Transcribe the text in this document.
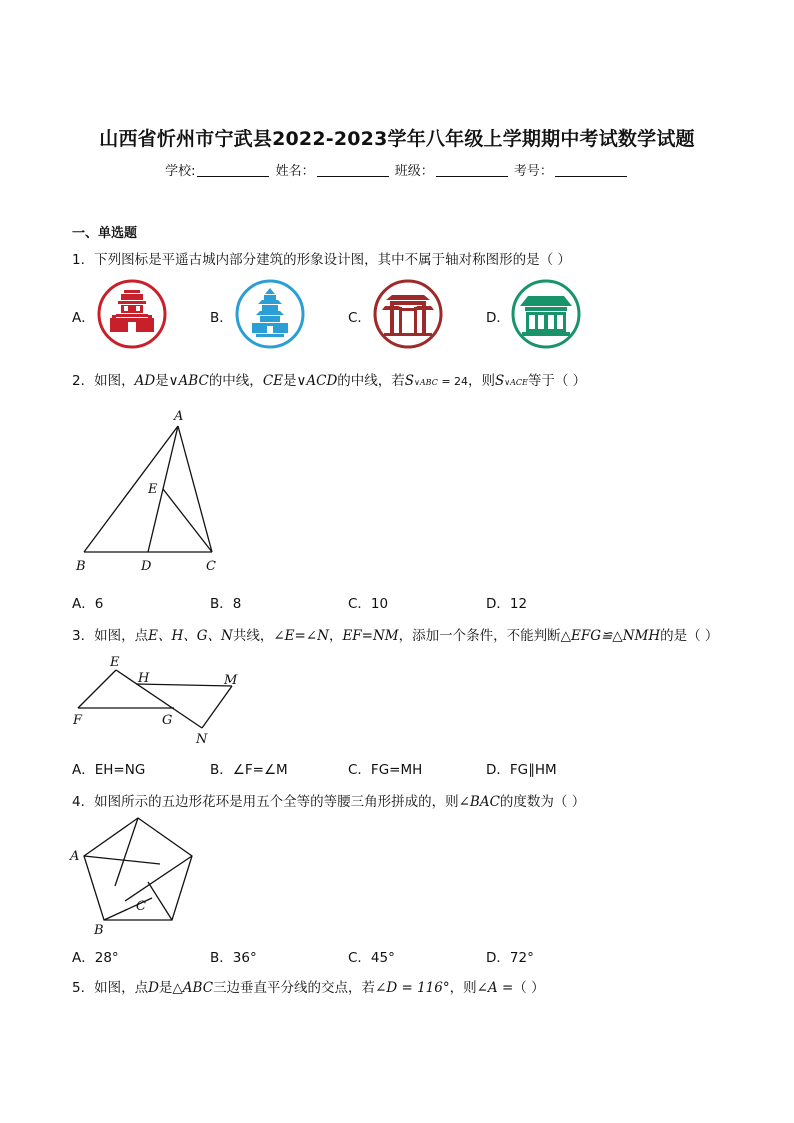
山西省忻州市宁武县2022-2023学年八年级上学期期中考试数学试题
学校:	姓名：	班级：	考号：
一、单选题
1．下列图标是平遥古城内部分建筑的形象设计图，其中不属于轴对称图形的是（ ）
A．	B．	C．	D．
2．如图，AD是∨ABC的中线，CE是∨ACD的中线，若S∨ABC = 24，则S∨ACE等于（ ）
A
E
B	D	C
A．6	B．8	C．10	D．12
3．如图，点E、H、G、N共线，∠E=∠N，EF=NM，添加一个条件，不能判断△EFG≌△NMH的是（ ）
E
H	M
F	G
N
A．EH=NG	B．∠F=∠M	C．FG=MH	D．FG∥HM
4．如图所示的五边形花环是用五个全等的等腰三角形拼成的，则∠BAC的度数为（ ）
A
B
C
A．28°	B．36°	C．45°	D．72°
5．如图，点D是△ABC三边垂直平分线的交点，若∠D = 116°，则∠A =（ ）
